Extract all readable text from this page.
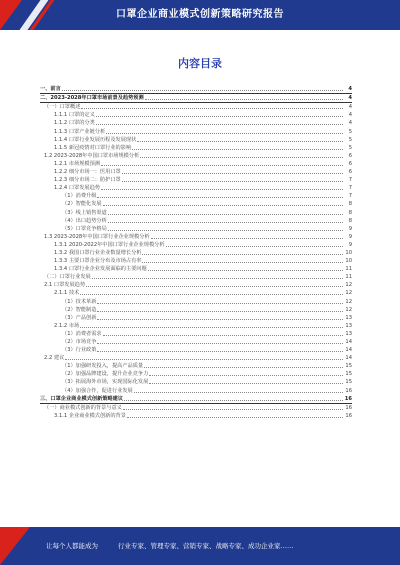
口罩企业商业模式创新策略研究报告
内容目录
一、前言	4
二、2023-2028年口罩市场前景及趋势预测	4
（一）口罩概述	4
1.1.1 口罩的定义	4
1.1.2 口罩的分类	4
1.1.3 口罩产业链分析	5
1.1.4 口罩行业发展历程及发展现状	5
1.1.5 新冠疫情对口罩行业的影响	5
1.2 2023-2028年中国口罩市场规模分析	6
1.2.1 市场规模预测	6
1.2.2 细分市场一：医用口罩	6
1.2.3 细分市场二：防护口罩	7
1.2.4 口罩发展趋势	7
（1）消费升级	7
（2）智能化发展	8
（3）线上销售渠道	8
（4）出口趋势分析	8
（5）口罩竞争格局	9
1.3 2023-2028年中国口罩行业企业规模分析	9
1.3.1 2020-2022年中国口罩行业企业规模分析	9
1.3.2 我国口罩行业企业数量增长分析	10
1.3.3 主要口罩企业分布及市场占有率	10
1.3.4 口罩行业企业发展面临的主要问题	11
（二）口罩行业发展	11
2.1 口罩发展趋势	12
2.1.1 技术	12
（1）技术革新	12
（2）智能制造	12
（3）产品创新	13
2.1.2 市场	13
（1）消费者需求	13
（2）市场竞争	14
（3）行业政策	14
2.2 建议	14
（1）加强研发投入，提高产品质量	15
（2）加强品牌建设，提升企业竞争力	15
（3）拓展海外市场，实现国际化发展	15
（4）加强合作，促进行业发展	16
三、口罩企业商业模式创新策略建议	16
（一）商业模式创新的背景与意义	16
3.1.1 企业商业模式创新的背景	16
让每个人都能成为	行业专家、管理专家、营销专家、战略专家、成功企业家……
